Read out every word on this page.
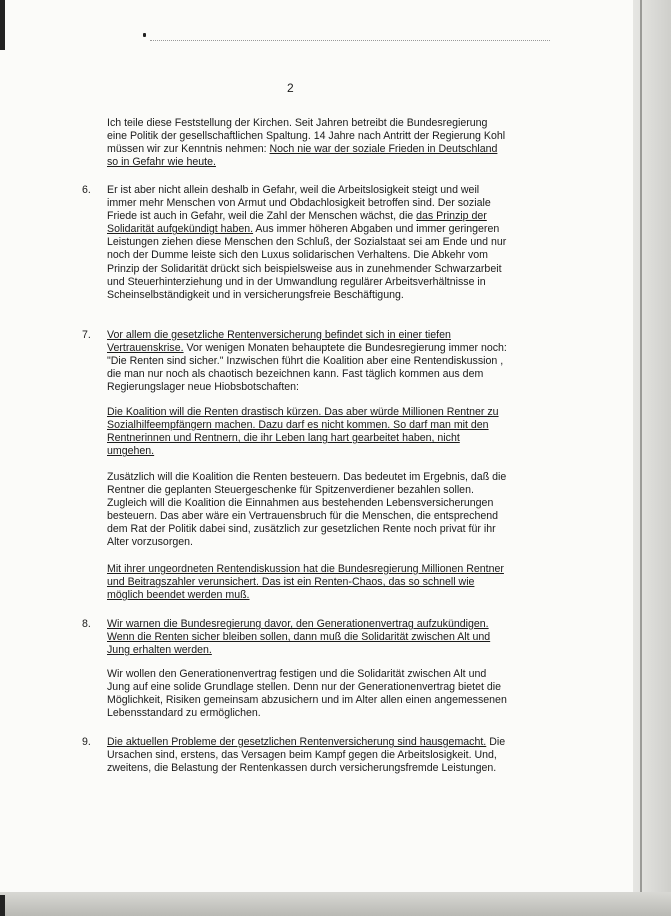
2
Ich teile diese Feststellung der Kirchen. Seit Jahren betreibt die Bundesregierung eine Politik der gesellschaftlichen Spaltung. 14 Jahre nach Antritt der Regierung Kohl müssen wir zur Kenntnis nehmen: Noch nie war der soziale Frieden in Deutschland so in Gefahr wie heute.
6. Er ist aber nicht allein deshalb in Gefahr, weil die Arbeitslosigkeit steigt und weil immer mehr Menschen von Armut und Obdachlosigkeit betroffen sind. Der soziale Friede ist auch in Gefahr, weil die Zahl der Menschen wächst, die das Prinzip der Solidarität aufgekündigt haben. Aus immer höheren Abgaben und immer geringeren Leistungen ziehen diese Menschen den Schluß, der Sozialstaat sei am Ende und nur noch der Dumme leiste sich den Luxus solidarischen Verhaltens. Die Abkehr vom Prinzip der Solidarität drückt sich beispielsweise aus in zunehmender Schwarzarbeit und Steuerhinterziehung und in der Umwandlung regulärer Arbeitsverhältnisse in Scheinselbständigkeit und in versicherungsfreie Beschäftigung.
7. Vor allem die gesetzliche Rentenversicherung befindet sich in einer tiefen Vertrauenskrise. Vor wenigen Monaten behauptete die Bundesregierung immer noch: "Die Renten sind sicher." Inzwischen führt die Koalition aber eine Rentendiskussion , die man nur noch als chaotisch bezeichnen kann. Fast täglich kommen aus dem Regierungslager neue Hiobsbotschaften:
Die Koalition will die Renten drastisch kürzen. Das aber würde Millionen Rentner zu Sozialhilfeempfängern machen. Dazu darf es nicht kommen. So darf man mit den Rentnerinnen und Rentnern, die ihr Leben lang hart gearbeitet haben, nicht umgehen.
Zusätzlich will die Koalition die Renten besteuern. Das bedeutet im Ergebnis, daß die Rentner die geplanten Steuergeschenke für Spitzenverdiener bezahlen sollen. Zugleich will die Koalition die Einnahmen aus bestehenden Lebensversicherungen besteuern. Das aber wäre ein Vertrauensbruch für die Menschen, die entsprechend dem Rat der Politik dabei sind, zusätzlich zur gesetzlichen Rente noch privat für ihr Alter vorzusorgen.
Mit ihrer ungeordneten Rentendiskussion hat die Bundesregierung Millionen Rentner und Beitragszahler verunsichert. Das ist ein Renten-Chaos, das so schnell wie möglich beendet werden muß.
8. Wir warnen die Bundesregierung davor, den Generationenvertrag aufzukündigen. Wenn die Renten sicher bleiben sollen, dann muß die Solidarität zwischen Alt und Jung erhalten werden.
Wir wollen den Generationenvertrag festigen und die Solidarität zwischen Alt und Jung auf eine solide Grundlage stellen. Denn nur der Generationenvertrag bietet die Möglichkeit, Risiken gemeinsam abzusichern und im Alter allen einen angemessenen Lebensstandard zu ermöglichen.
9. Die aktuellen Probleme der gesetzlichen Rentenversicherung sind hausgemacht. Die Ursachen sind, erstens, das Versagen beim Kampf gegen die Arbeitslosigkeit. Und, zweitens, die Belastung der Rentenkassen durch versicherungsfremde Leistungen.
